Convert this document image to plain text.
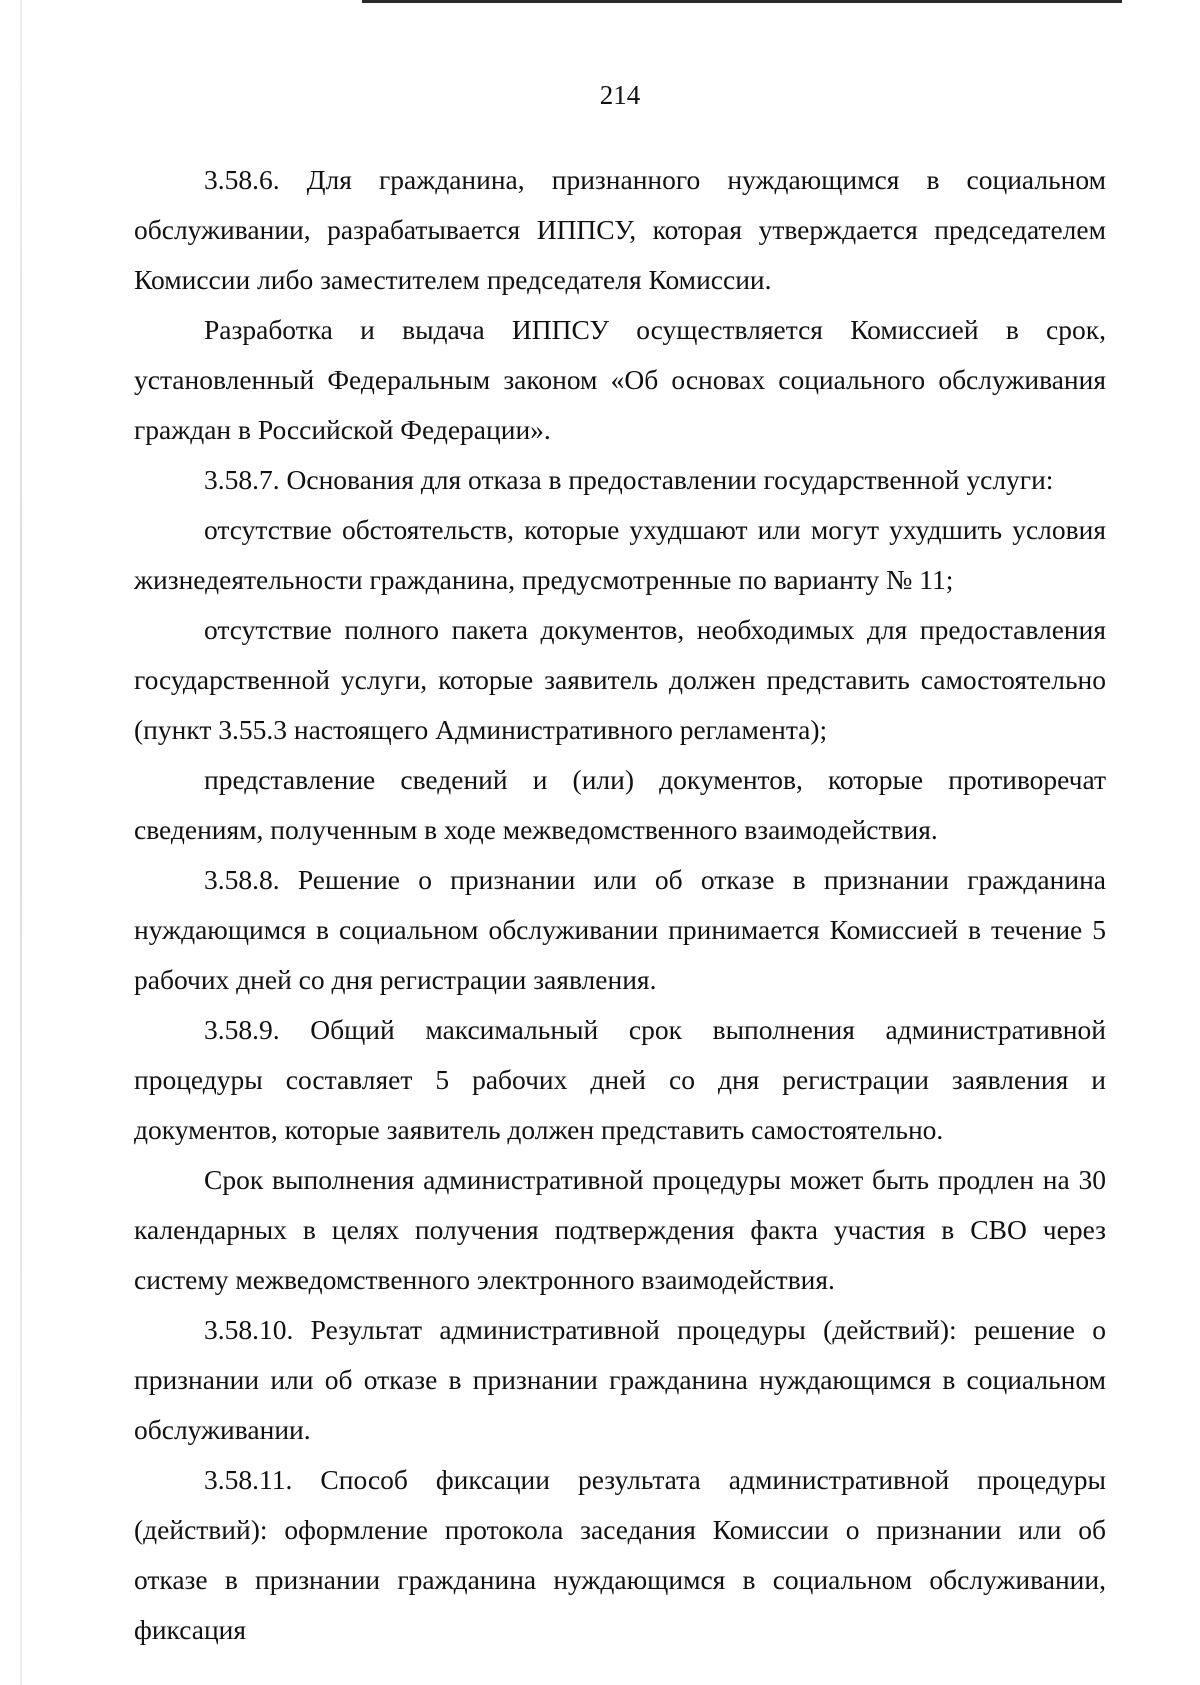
214

3.58.6. Для гражданина, признанного нуждающимся в социальном обслуживании, разрабатывается ИППСУ, которая утверждается председателем Комиссии либо заместителем председателя Комиссии.

Разработка и выдача ИППСУ осуществляется Комиссией в срок, установленный Федеральным законом «Об основах социального обслуживания граждан в Российской Федерации».

3.58.7. Основания для отказа в предоставлении государственной услуги:

отсутствие обстоятельств, которые ухудшают или могут ухудшить условия жизнедеятельности гражданина, предусмотренные по варианту № 11;

отсутствие полного пакета документов, необходимых для предоставления государственной услуги, которые заявитель должен представить самостоятельно (пункт 3.55.3 настоящего Административного регламента);

представление сведений и (или) документов, которые противоречат сведениям, полученным в ходе межведомственного взаимодействия.

3.58.8. Решение о признании или об отказе в признании гражданина нуждающимся в социальном обслуживании принимается Комиссией в течение 5 рабочих дней со дня регистрации заявления.

3.58.9. Общий максимальный срок выполнения административной процедуры составляет 5 рабочих дней со дня регистрации заявления и документов, которые заявитель должен представить самостоятельно.

Срок выполнения административной процедуры может быть продлен на 30 календарных в целях получения подтверждения факта участия в СВО через систему межведомственного электронного взаимодействия.

3.58.10. Результат административной процедуры (действий): решение о признании или об отказе в признании гражданина нуждающимся в социальном обслуживании.

3.58.11. Способ фиксации результата административной процедуры (действий): оформление протокола заседания Комиссии о признании или об отказе в признании гражданина нуждающимся в социальном обслуживании, фиксация
